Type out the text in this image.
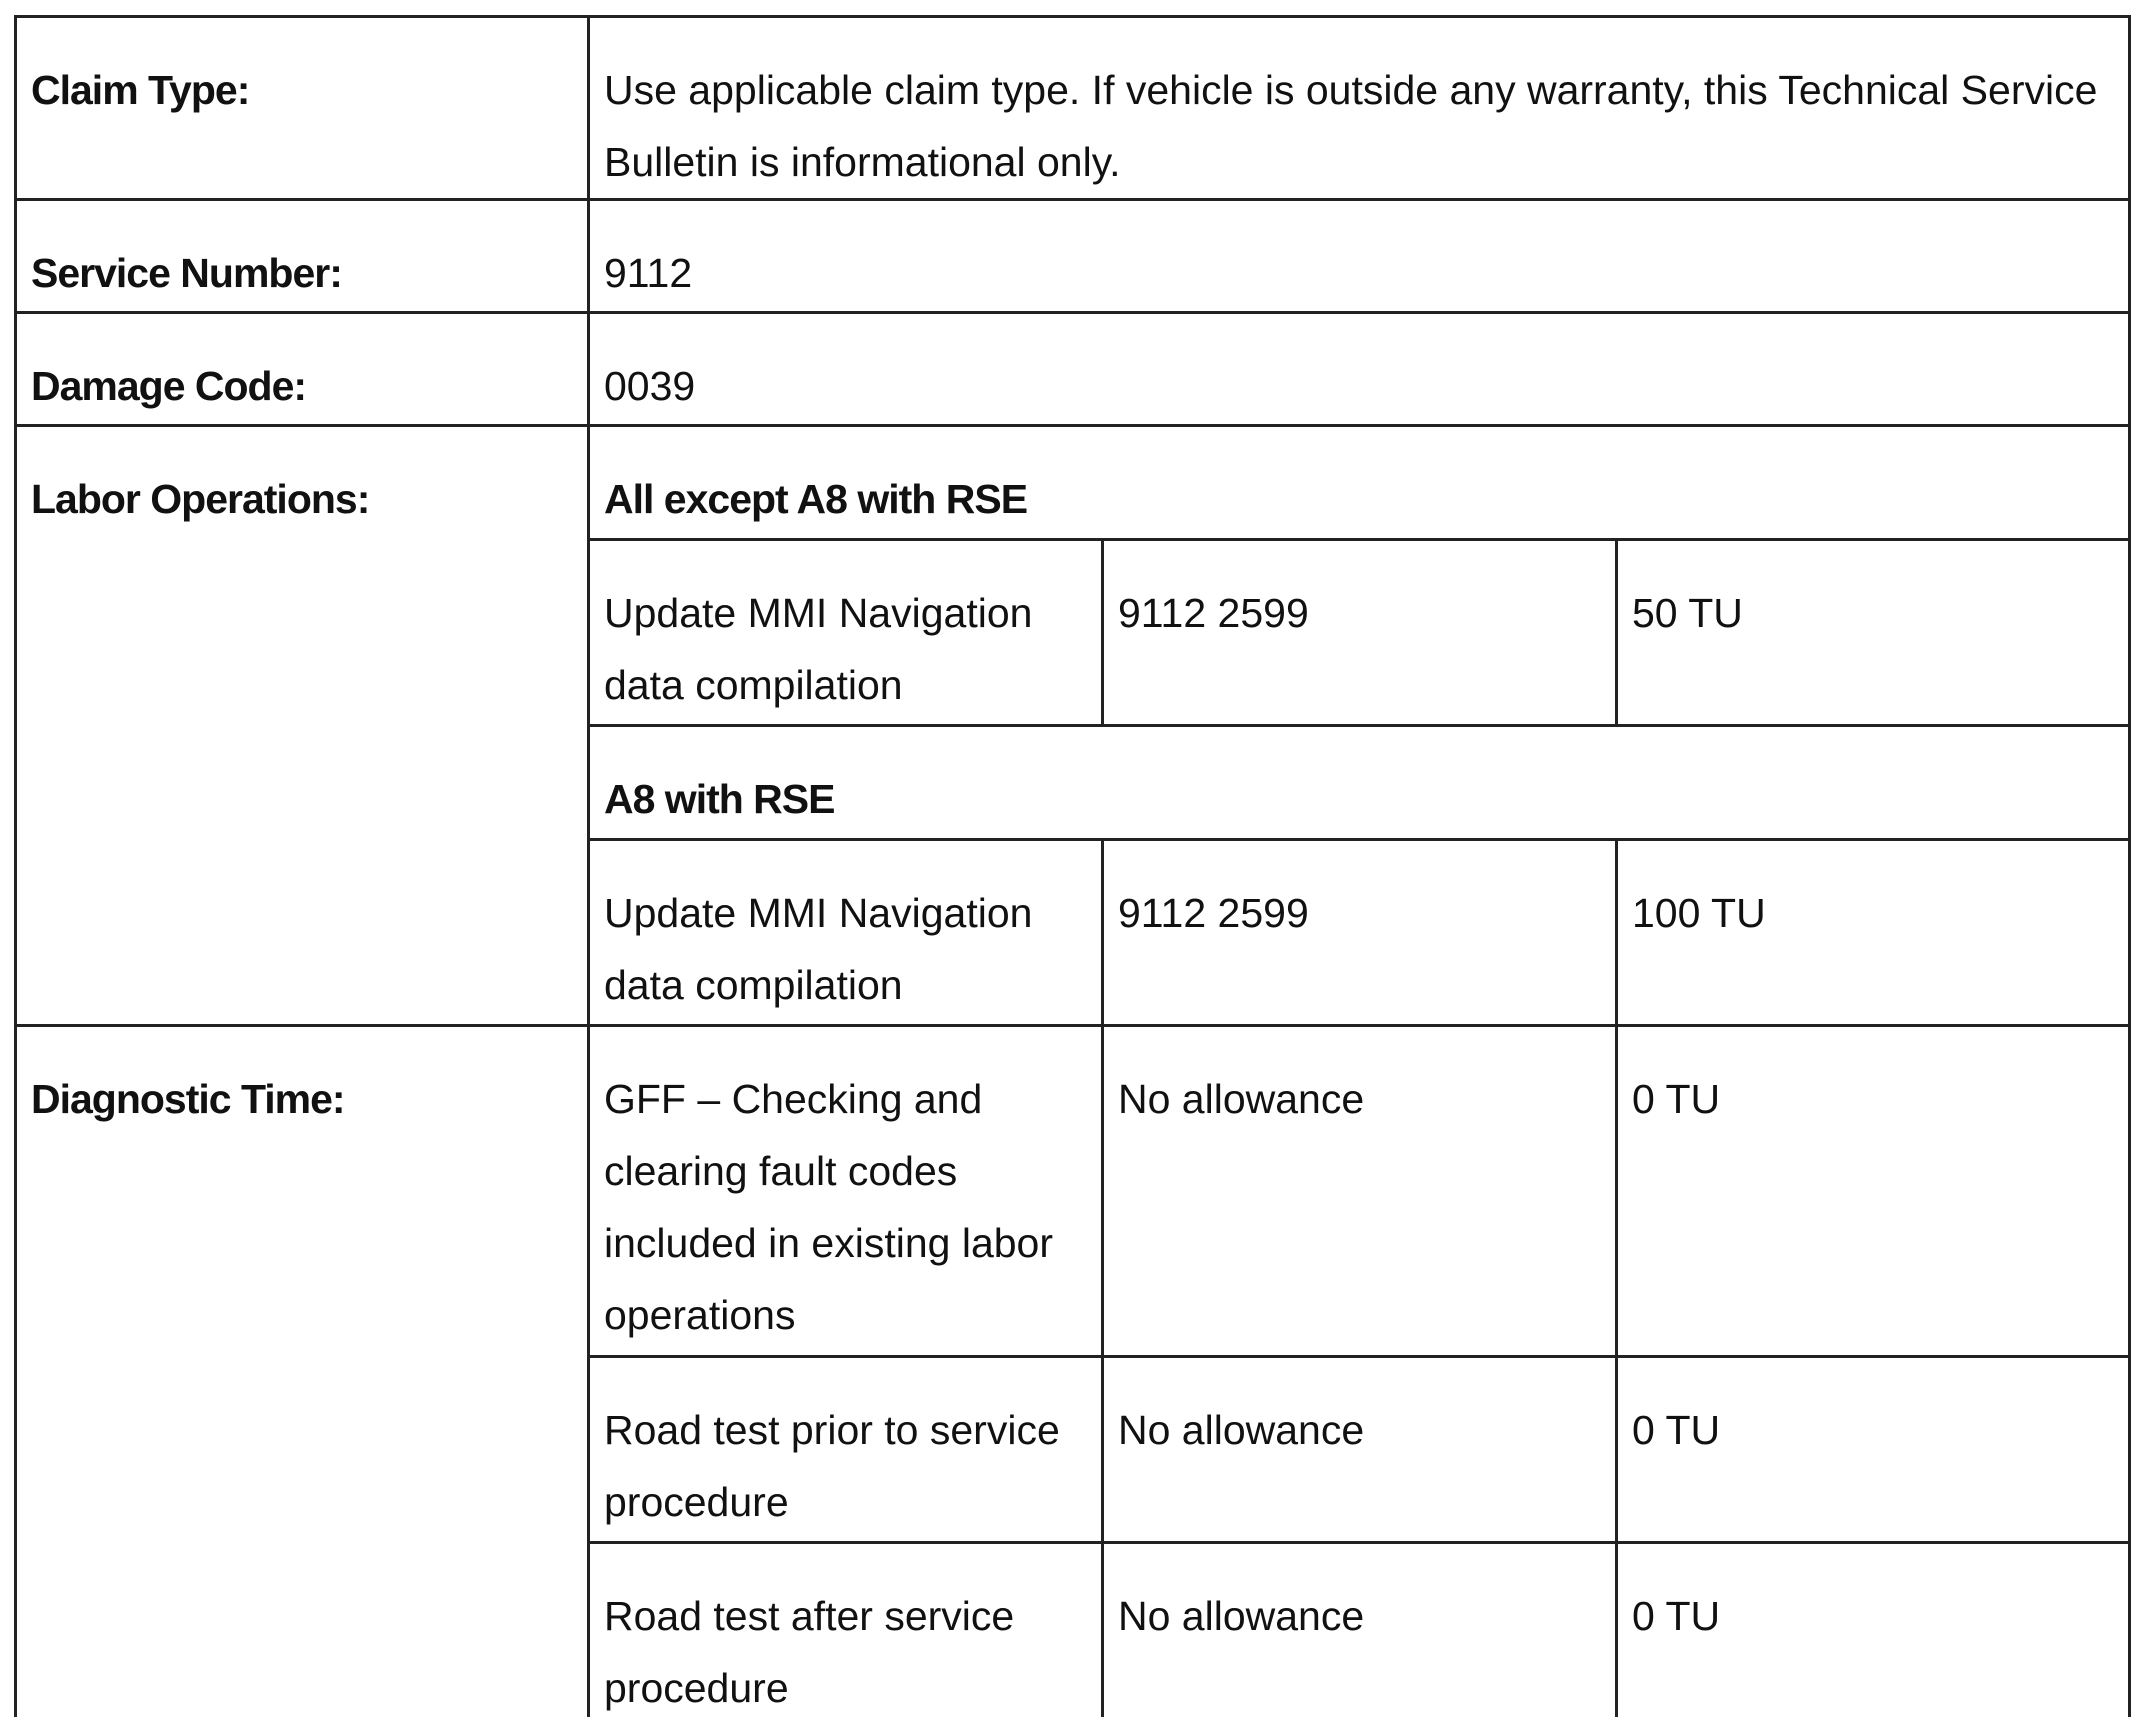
Claim Type:	Use applicable claim type. If vehicle is outside any warranty, this Technical Service Bulletin is informational only.		
Service Number:	9112		
Damage Code:	0039		
Labor Operations:	All except A8 with RSE		
	Update MMI Navigation data compilation	9112 2599	50 TU
	A8 with RSE		
	Update MMI Navigation data compilation	9112 2599	100 TU
Diagnostic Time:	GFF – Checking and clearing fault codes included in existing labor operations	No allowance	0 TU
	Road test prior to service procedure	No allowance	0 TU
	Road test after service procedure	No allowance	0 TU
